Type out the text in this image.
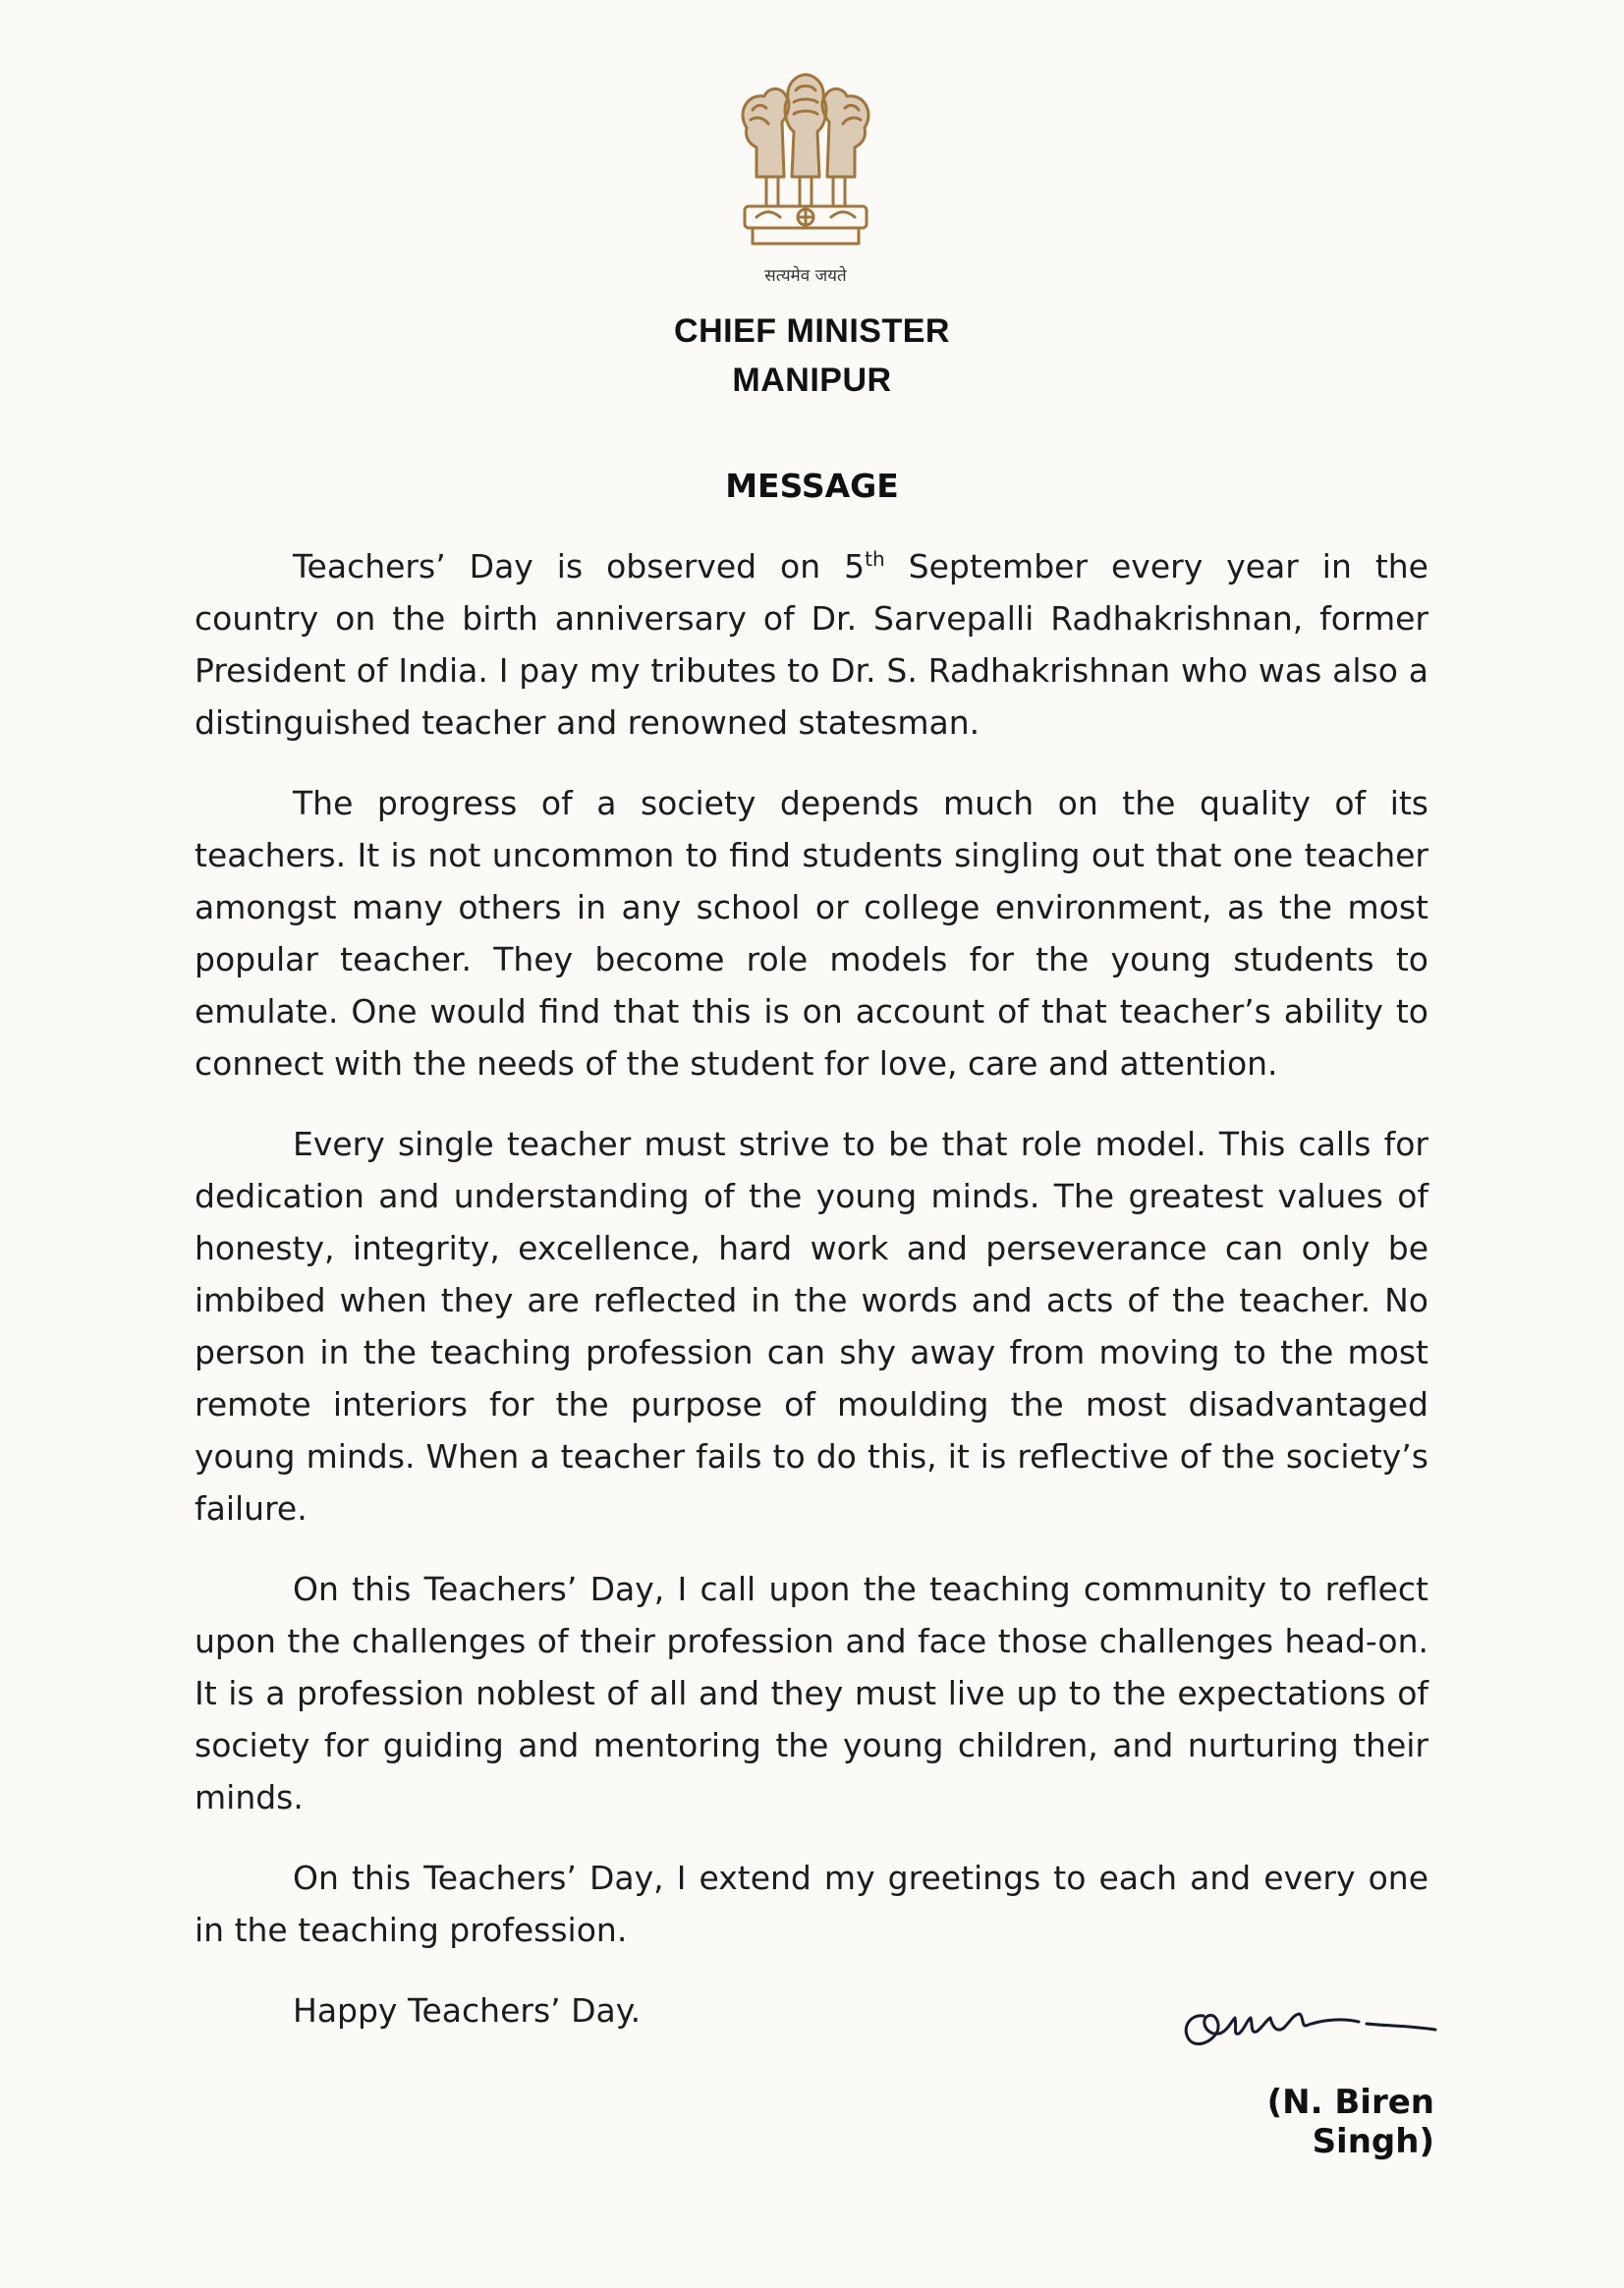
सत्यमेव जयते
CHIEF MINISTER
MANIPUR
MESSAGE

Teachers’ Day is observed on 5th September every year in the country on the birth anniversary of Dr. Sarvepalli Radhakrishnan, former President of India. I pay my tributes to Dr. S. Radhakrishnan who was also a distinguished teacher and renowned statesman.

The progress of a society depends much on the quality of its teachers. It is not uncommon to find students singling out that one teacher amongst many others in any school or college environment, as the most popular teacher. They become role models for the young students to emulate. One would find that this is on account of that teacher’s ability to connect with the needs of the student for love, care and attention.

Every single teacher must strive to be that role model. This calls for dedication and understanding of the young minds. The greatest values of honesty, integrity, excellence, hard work and perseverance can only be imbibed when they are reflected in the words and acts of the teacher. No person in the teaching profession can shy away from moving to the most remote interiors for the purpose of moulding the most disadvantaged young minds. When a teacher fails to do this, it is reflective of the society’s failure.

On this Teachers’ Day, I call upon the teaching community to reflect upon the challenges of their profession and face those challenges head-on. It is a profession noblest of all and they must live up to the expectations of society for guiding and mentoring the young children, and nurturing their minds.

On this Teachers’ Day, I extend my greetings to each and every one in the teaching profession.

Happy Teachers’ Day.

(N. Biren Singh)
